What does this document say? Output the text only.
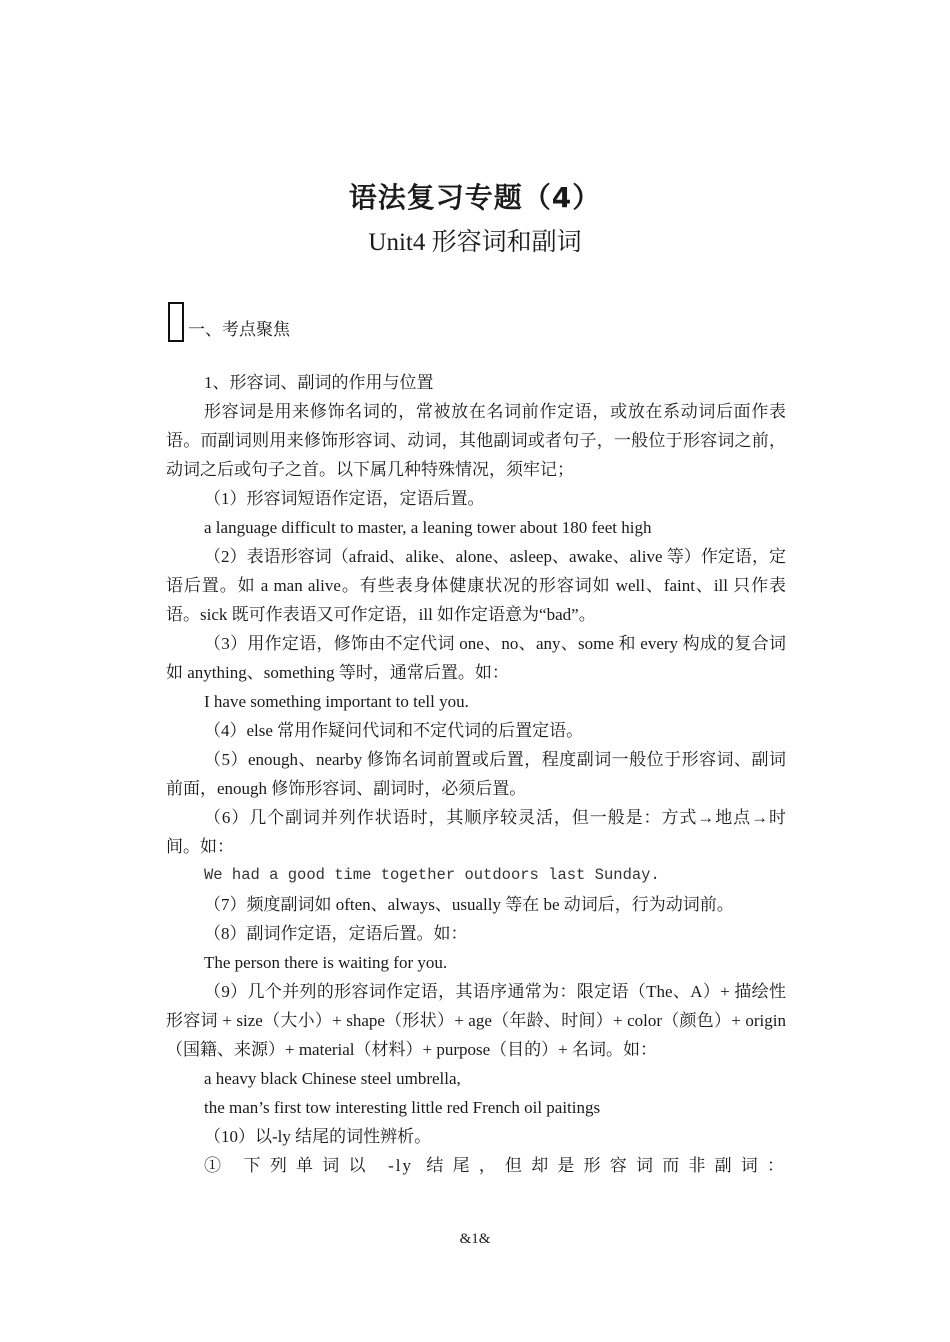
语法复习专题（4）
Unit4 形容词和副词
一、考点聚焦

1、形容词、副词的作用与位置

形容词是用来修饰名词的，常被放在名词前作定语，或放在系动词后面作表语。而副词则用来修饰形容词、动词，其他副词或者句子，一般位于形容词之前，动词之后或句子之首。以下属几种特殊情况，须牢记；

（1）形容词短语作定语，定语后置。

a language difficult to master, a leaning tower about 180 feet high

（2）表语形容词（afraid、alike、alone、asleep、awake、alive 等）作定语，定语后置。如 a man alive。有些表身体健康状况的形容词如 well、faint、ill 只作表语。sick 既可作表语又可作定语，ill 如作定语意为“bad”。

（3）用作定语，修饰由不定代词 one、no、any、some 和 every 构成的复合词如 anything、something 等时，通常后置。如：

I have something important to tell you.

（4）else 常用作疑问代词和不定代词的后置定语。

（5）enough、nearby 修饰名词前置或后置，程度副词一般位于形容词、副词前面，enough 修饰形容词、副词时，必须后置。

（6）几个副词并列作状语时，其顺序较灵活，但一般是：方式→地点→时间。如：

We had a good time together outdoors last Sunday.

（7）频度副词如 often、always、usually 等在 be 动词后，行为动词前。

（8）副词作定语，定语后置。如：

The person there is waiting for you.

（9）几个并列的形容词作定语，其语序通常为：限定语（The、A）+ 描绘性形容词 + size（大小）+ shape（形状）+ age（年龄、时间）+ color（颜色）+ origin（国籍、来源）+ material（材料）+ purpose（目的）+ 名词。如：

a heavy black Chinese steel umbrella,

the man’s first tow interesting little red French oil paitings

（10）以-ly 结尾的词性辨析。

① 下列单词以 -ly 结尾，但却是形容词而非副词：

&1&
